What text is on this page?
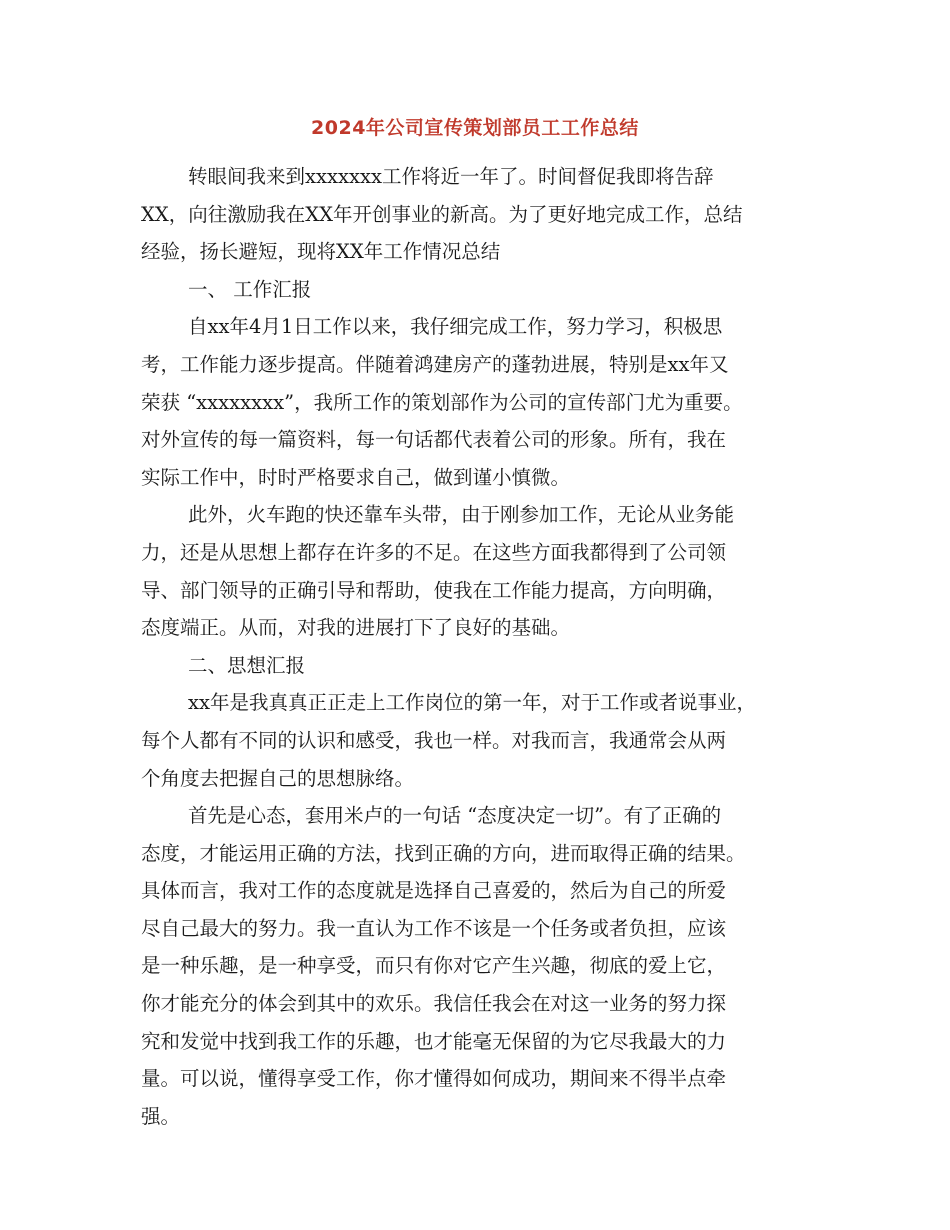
2024年公司宣传策划部员工工作总结
转眼间我来到xxxxxxx工作将近一年了。时间督促我即将告辞
XX，向往激励我在XX年开创事业的新高。为了更好地完成工作，总结
经验，扬长避短，现将XX年工作情况总结
一、 工作汇报
自xx年4月1日工作以来，我仔细完成工作，努力学习，积极思
考，工作能力逐步提高。伴随着鸿建房产的蓬勃进展，特别是xx年又
荣获 “xxxxxxxx”，我所工作的策划部作为公司的宣传部门尤为重要。
对外宣传的每一篇资料，每一句话都代表着公司的形象。所有，我在
实际工作中，时时严格要求自己，做到谨小慎微。
此外，火车跑的快还靠车头带，由于刚参加工作，无论从业务能
力，还是从思想上都存在许多的不足。在这些方面我都得到了公司领
导、部门领导的正确引导和帮助，使我在工作能力提高，方向明确，
态度端正。从而，对我的进展打下了良好的基础。
二、思想汇报
xx年是我真真正正走上工作岗位的第一年，对于工作或者说事业，
每个人都有不同的认识和感受，我也一样。对我而言，我通常会从两
个角度去把握自己的思想脉络。
首先是心态，套用米卢的一句话 “态度决定一切”。有了正确的
态度，才能运用正确的方法，找到正确的方向，进而取得正确的结果。
具体而言，我对工作的态度就是选择自己喜爱的，然后为自己的所爱
尽自己最大的努力。我一直认为工作不该是一个任务或者负担，应该
是一种乐趣，是一种享受，而只有你对它产生兴趣，彻底的爱上它，
你才能充分的体会到其中的欢乐。我信任我会在对这一业务的努力探
究和发觉中找到我工作的乐趣，也才能毫无保留的为它尽我最大的力
量。可以说，懂得享受工作，你才懂得如何成功，期间来不得半点牵
强。
